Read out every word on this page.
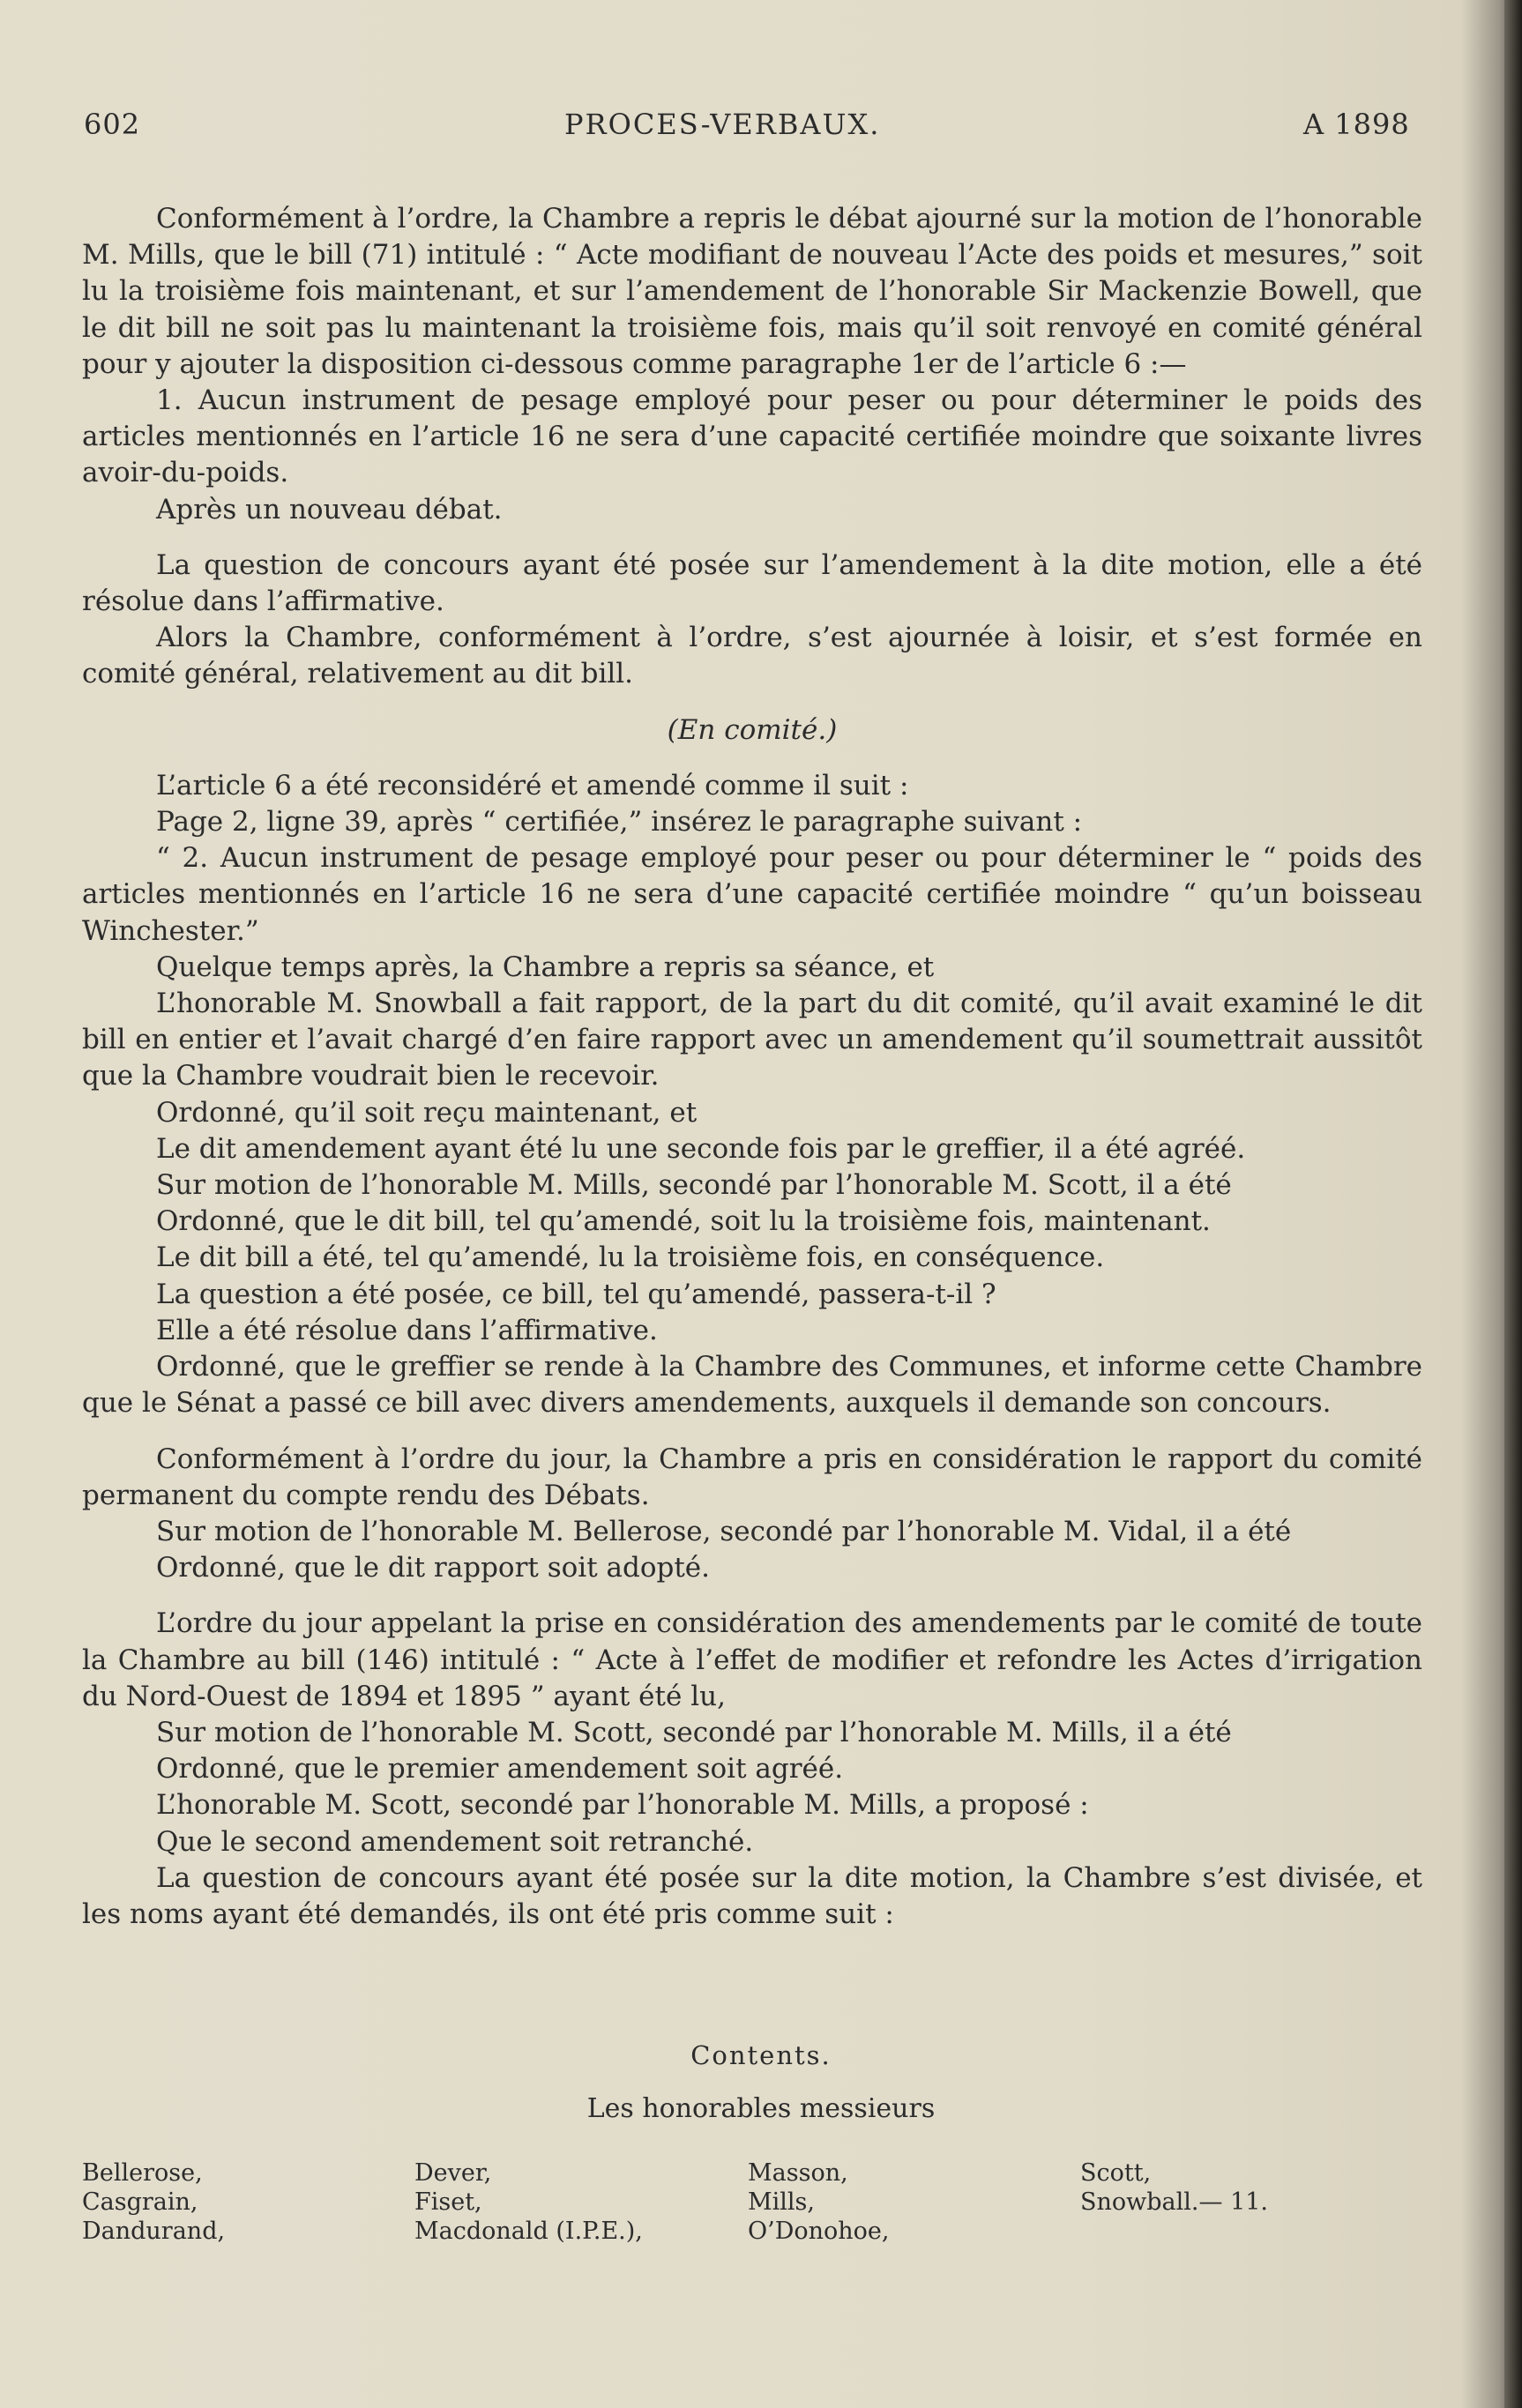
602	PROCES-VERBAUX.	A 1898

Conformément à l’ordre, la Chambre a repris le débat ajourné sur la motion de l’honorable M. Mills, que le bill (71) intitulé : “ Acte modifiant de nouveau l’Acte des poids et mesures,” soit lu la troisième fois maintenant, et sur l’amendement de l’honorable Sir Mackenzie Bowell, que le dit bill ne soit pas lu maintenant la troisième fois, mais qu’il soit renvoyé en comité général pour y ajouter la disposition ci-dessous comme paragraphe 1er de l’article 6 :—

1. Aucun instrument de pesage employé pour peser ou pour déterminer le poids des articles mentionnés en l’article 16 ne sera d’une capacité certifiée moindre que soixante livres avoir-du-poids.

Après un nouveau débat.

La question de concours ayant été posée sur l’amendement à la dite motion, elle a été résolue dans l’affirmative.

Alors la Chambre, conformément à l’ordre, s’est ajournée à loisir, et s’est formée en comité général, relativement au dit bill.

(En comité.)

L’article 6 a été reconsidéré et amendé comme il suit :

Page 2, ligne 39, après “ certifiée,” insérez le paragraphe suivant :

“ 2. Aucun instrument de pesage employé pour peser ou pour déterminer le “ poids des articles mentionnés en l’article 16 ne sera d’une capacité certifiée moindre “ qu’un boisseau Winchester.”

Quelque temps après, la Chambre a repris sa séance, et

L’honorable M. Snowball a fait rapport, de la part du dit comité, qu’il avait examiné le dit bill en entier et l’avait chargé d’en faire rapport avec un amendement qu’il soumettrait aussitôt que la Chambre voudrait bien le recevoir.

Ordonné, qu’il soit reçu maintenant, et

Le dit amendement ayant été lu une seconde fois par le greffier, il a été agréé.

Sur motion de l’honorable M. Mills, secondé par l’honorable M. Scott, il a été

Ordonné, que le dit bill, tel qu’amendé, soit lu la troisième fois, maintenant.

Le dit bill a été, tel qu’amendé, lu la troisième fois, en conséquence.

La question a été posée, ce bill, tel qu’amendé, passera-t-il ?

Elle a été résolue dans l’affirmative.

Ordonné, que le greffier se rende à la Chambre des Communes, et informe cette Chambre que le Sénat a passé ce bill avec divers amendements, auxquels il demande son concours.

Conformément à l’ordre du jour, la Chambre a pris en considération le rapport du comité permanent du compte rendu des Débats.

Sur motion de l’honorable M. Bellerose, secondé par l’honorable M. Vidal, il a été

Ordonné, que le dit rapport soit adopté.

L’ordre du jour appelant la prise en considération des amendements par le comité de toute la Chambre au bill (146) intitulé : “ Acte à l’effet de modifier et refondre les Actes d’irrigation du Nord-Ouest de 1894 et 1895 ” ayant été lu,

Sur motion de l’honorable M. Scott, secondé par l’honorable M. Mills, il a été

Ordonné, que le premier amendement soit agréé.

L’honorable M. Scott, secondé par l’honorable M. Mills, a proposé :

Que le second amendement soit retranché.

La question de concours ayant été posée sur la dite motion, la Chambre s’est divisée, et les noms ayant été demandés, ils ont été pris comme suit :

Contents.
Les honorables messieurs
Bellerose,
Casgrain,
Dandurand,
Dever,
Fiset,
Macdonald (I.P.E.),
Masson,
Mills,
O’Donohoe,
Scott,
Snowball.— 11.
